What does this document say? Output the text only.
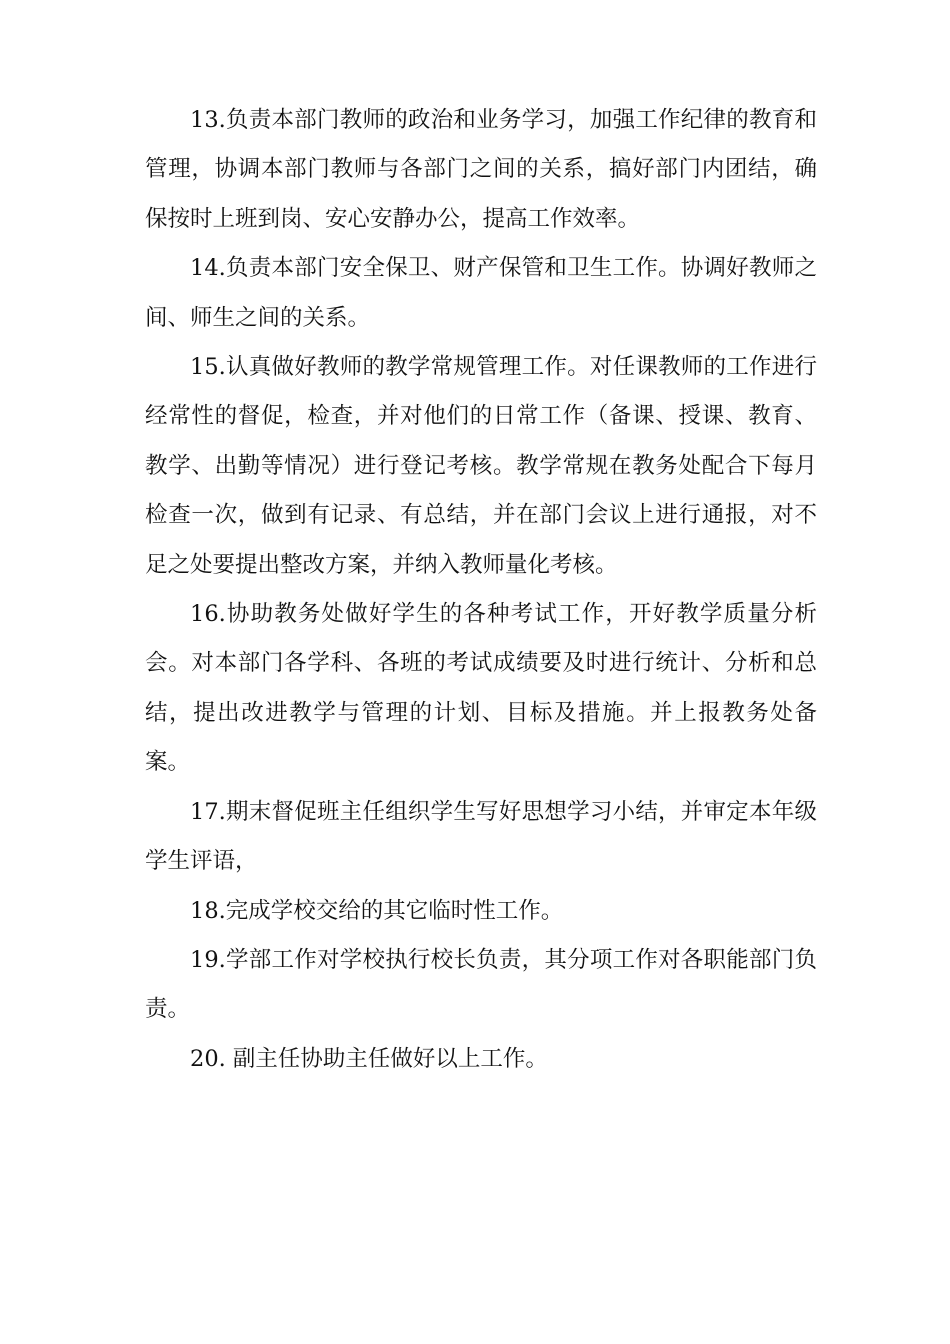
13.负责本部门教师的政治和业务学习，加强工作纪律的教育和管理，协调本部门教师与各部门之间的关系，搞好部门内团结，确保按时上班到岗、安心安静办公，提高工作效率。

14.负责本部门安全保卫、财产保管和卫生工作。协调好教师之间、师生之间的关系。

15.认真做好教师的教学常规管理工作。对任课教师的工作进行经常性的督促，检查，并对他们的日常工作（备课、授课、教育、教学、出勤等情况）进行登记考核。教学常规在教务处配合下每月检查一次，做到有记录、有总结，并在部门会议上进行通报，对不足之处要提出整改方案，并纳入教师量化考核。

16.协助教务处做好学生的各种考试工作，开好教学质量分析会。对本部门各学科、各班的考试成绩要及时进行统计、分析和总结，提出改进教学与管理的计划、目标及措施。并上报教务处备案。

17.期末督促班主任组织学生写好思想学习小结，并审定本年级学生评语，

18.完成学校交给的其它临时性工作。

19.学部工作对学校执行校长负责，其分项工作对各职能部门负责。

20. 副主任协助主任做好以上工作。
